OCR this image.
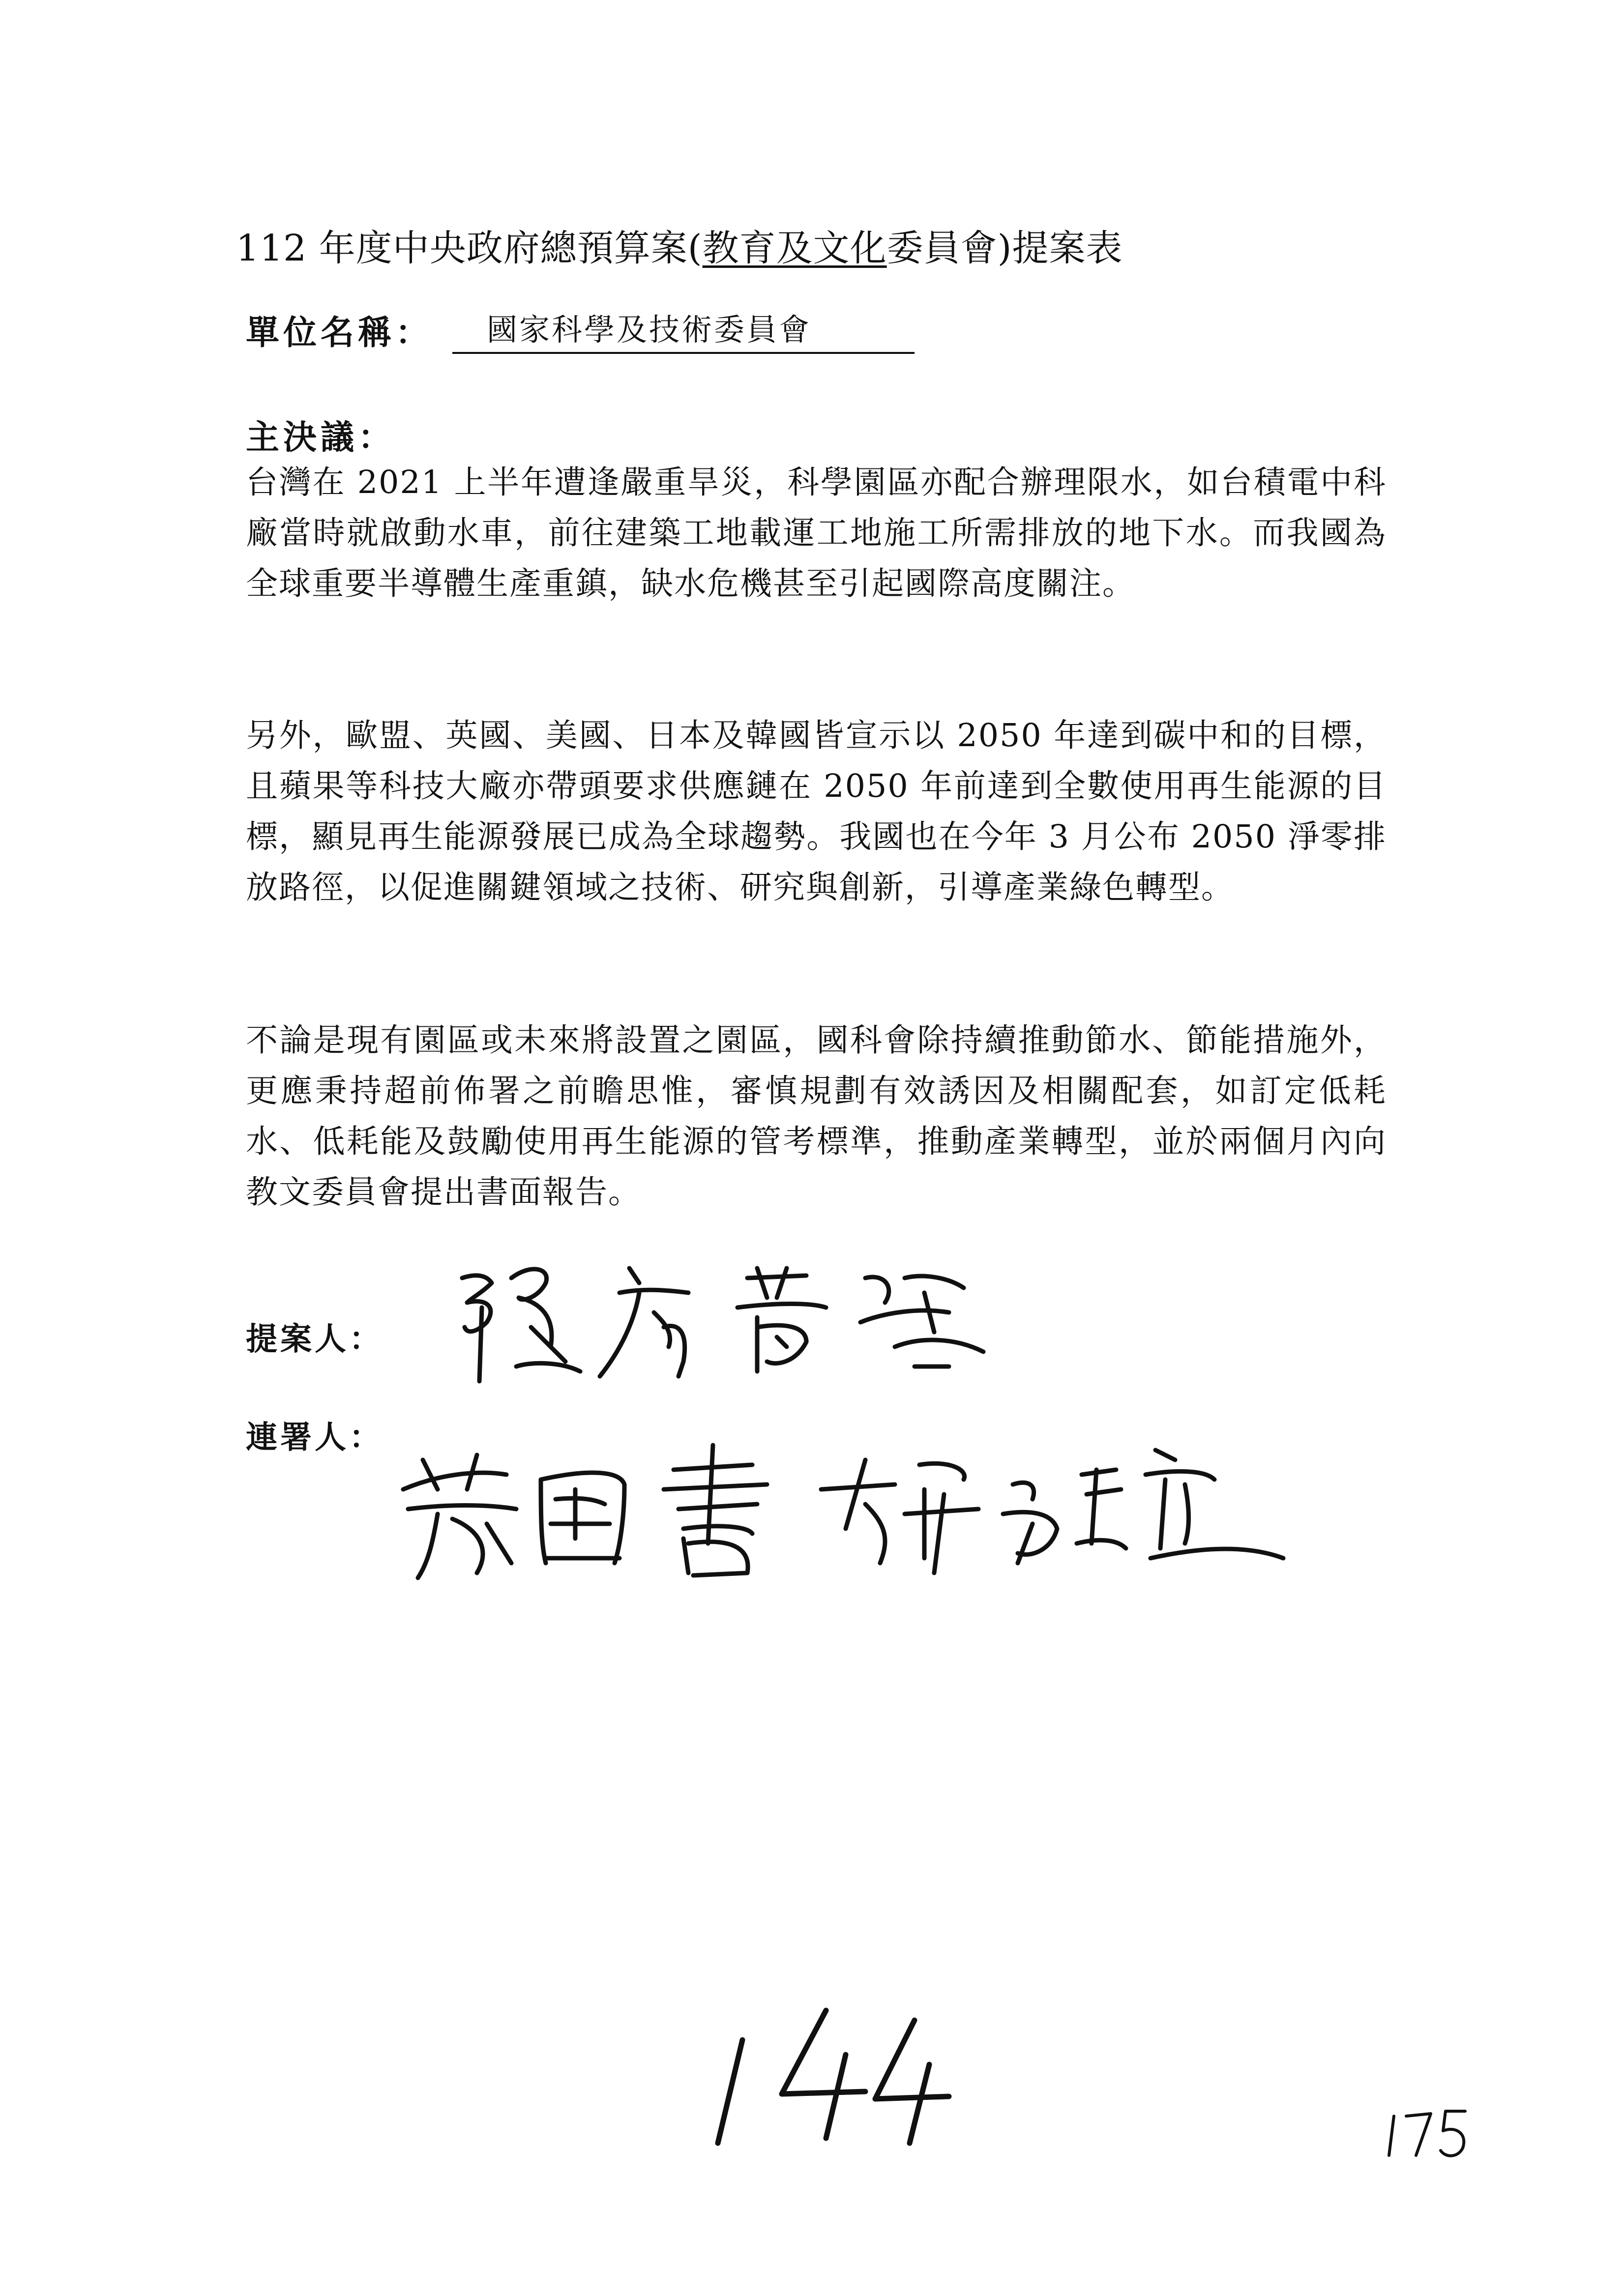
112 年度中央政府總預算案(教育及文化委員會)提案表
單位名稱：	國家科學及技術委員會
主決議：
台灣在 2021 上半年遭逢嚴重旱災，科學園區亦配合辦理限水，如台積電中科廠當時就啟動水車，前往建築工地載運工地施工所需排放的地下水。而我國為全球重要半導體生產重鎮，缺水危機甚至引起國際高度關注。
另外，歐盟、英國、美國、日本及韓國皆宣示以 2050 年達到碳中和的目標，且蘋果等科技大廠亦帶頭要求供應鏈在 2050 年前達到全數使用再生能源的目標，顯見再生能源發展已成為全球趨勢。我國也在今年 3 月公布 2050 淨零排放路徑，以促進關鍵領域之技術、研究與創新，引導產業綠色轉型。
不論是現有園區或未來將設置之園區，國科會除持續推動節水、節能措施外，更應秉持超前佈署之前瞻思惟，審慎規劃有效誘因及相關配套，如訂定低耗水、低耗能及鼓勵使用再生能源的管考標準，推動產業轉型，並於兩個月內向教文委員會提出書面報告。
提案人：
連署人：
